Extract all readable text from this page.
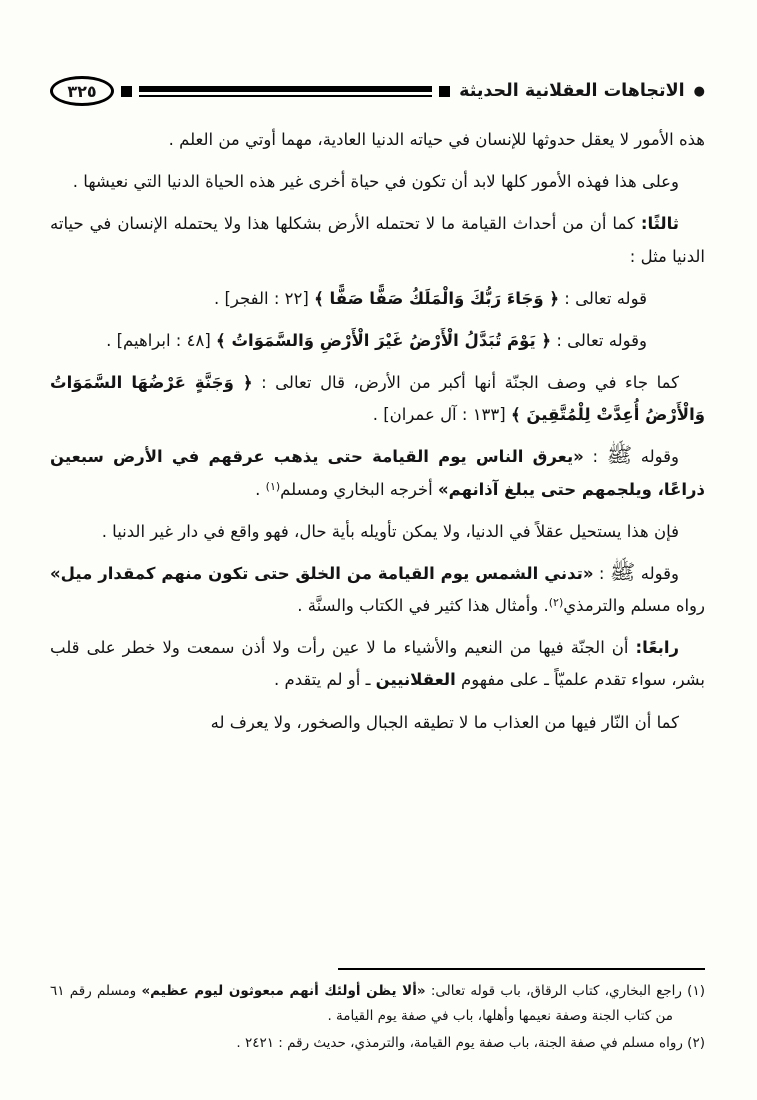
●
الاتجاهات العقلانية الحديثة
٣٢٥

هذه الأمور لا يعقل حدوثها للإنسان في حياته الدنيا العادية، مهما أوتي من العلم .

وعلى هذا فهذه الأمور كلها لابد أن تكون في حياة أخرى غير هذه الحياة الدنيا التي نعيشها .

ثالثًا: كما أن من أحداث القيامة ما لا تحتمله الأرض بشكلها هذا ولا يحتمله الإنسان في حياته الدنيا مثل :

قوله تعالى : ﴿ وَجَاءَ رَبُّكَ وَالْمَلَكُ صَفًّا صَفًّا ﴾ [٢٢ : الفجر] .

وقوله تعالى : ﴿ يَوْمَ تُبَدَّلُ الْأَرْضُ غَيْرَ الْأَرْضِ وَالسَّمَوَاتُ ﴾ [٤٨ : ابراهيم] .

كما جاء في وصف الجنّة أنها أكبر من الأرض، قال تعالى : ﴿ وَجَنَّةٍ عَرْضُهَا السَّمَوَاتُ وَالْأَرْضُ أُعِدَّتْ لِلْمُتَّقِينَ ﴾ [١٣٣ : آل عمران] .

وقوله ﷺ : «يعرق الناس يوم القيامة حتى يذهب عرقهم في الأرض سبعين ذراعًا، ويلجمهم حتى يبلغ آذانهم» أخرجه البخاري ومسلم$^{(١)}$ .

فإن هذا يستحيل عقلاً في الدنيا، ولا يمكن تأويله بأية حال، فهو واقع في دار غير الدنيا .

وقوله ﷺ : «تدني الشمس يوم القيامة من الخلق حتى تكون منهم كمقدار ميل» رواه مسلم والترمذي$^{(٢)}$. وأمثال هذا كثير في الكتاب والسنَّة .

رابعًا: أن الجنّة فيها من النعيم والأشياء ما لا عين رأت ولا أذن سمعت ولا خطر على قلب بشر، سواء تقدم علميّاً ـ على مفهوم العقلانيين ـ أو لم يتقدم .

كما أن النّار فيها من العذاب ما لا تطيقه الجبال والصخور، ولا يعرف له

(١) راجع البخاري، كتاب الرقاق، باب قوله تعالى: «ألا يظن أولئك أنهم مبعوثون ليوم عظيم» ومسلم رقم ٦١ من كتاب الجنة وصفة نعيمها وأهلها، باب في صفة يوم القيامة .

(٢) رواه مسلم في صفة الجنة، باب صفة يوم القيامة، والترمذي، حديث رقم : ٢٤٢١ .
